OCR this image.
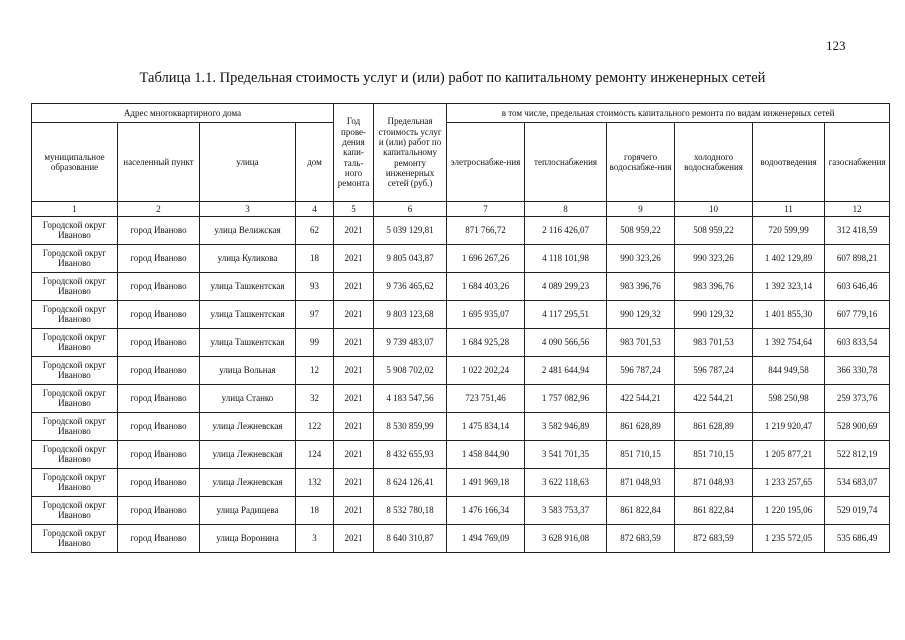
123
Таблица 1.1. Предельная стоимость услуг и (или) работ по капитальному ремонту инженерных сетей
Адрес многоквартирного дома				Год прове-дения капи-таль-ного ремонта	Предельная стоимость услуг и (или) работ по капитальному ремонту инженерных сетей (руб.)	в том числе, предельная стоимость капитального ремонта по видам инженерных сетей					
муниципальное образование	населенный пункт	улица	дом			элетроснабже-ния	теплоснабжения	горячего водоснабже-ния	холодного водоснабжения	водоотведения	газоснабжения
1	2	3	4	5	6	7	8	9	10	11	12
Городской округ Иваново	город Иваново	улица Велижская	62	2021	5 039 129,81	871 766,72	2 116 426,07	508 959,22	508 959,22	720 599,99	312 418,59
Городской округ Иваново	город Иваново	улица Куликова	18	2021	9 805 043,87	1 696 267,26	4 118 101,98	990 323,26	990 323,26	1 402 129,89	607 898,21
Городской округ Иваново	город Иваново	улица Ташкентская	93	2021	9 736 465,62	1 684 403,26	4 089 299,23	983 396,76	983 396,76	1 392 323,14	603 646,46
Городской округ Иваново	город Иваново	улица Ташкентская	97	2021	9 803 123,68	1 695 935,07	4 117 295,51	990 129,32	990 129,32	1 401 855,30	607 779,16
Городской округ Иваново	город Иваново	улица Ташкентская	99	2021	9 739 483,07	1 684 925,28	4 090 566,56	983 701,53	983 701,53	1 392 754,64	603 833,54
Городской округ Иваново	город Иваново	улица Вольная	12	2021	5 908 702,02	1 022 202,24	2 481 644,94	596 787,24	596 787,24	844 949,58	366 330,78
Городской округ Иваново	город Иваново	улица Станко	32	2021	4 183 547,56	723 751,46	1 757 082,96	422 544,21	422 544,21	598 250,98	259 373,76
Городской округ Иваново	город Иваново	улица Лежневская	122	2021	8 530 859,99	1 475 834,14	3 582 946,89	861 628,89	861 628,89	1 219 920,47	528 900,69
Городской округ Иваново	город Иваново	улица Лежневская	124	2021	8 432 655,93	1 458 844,90	3 541 701,35	851 710,15	851 710,15	1 205 877,21	522 812,19
Городской округ Иваново	город Иваново	улица Лежневская	132	2021	8 624 126,41	1 491 969,18	3 622 118,63	871 048,93	871 048,93	1 233 257,65	534 683,07
Городской округ Иваново	город Иваново	улица Радищева	18	2021	8 532 780,18	1 476 166,34	3 583 753,37	861 822,84	861 822,84	1 220 195,06	529 019,74
Городской округ Иваново	город Иваново	улица Воронина	3	2021	8 640 310,87	1 494 769,09	3 628 916,08	872 683,59	872 683,59	1 235 572,05	535 686,49
